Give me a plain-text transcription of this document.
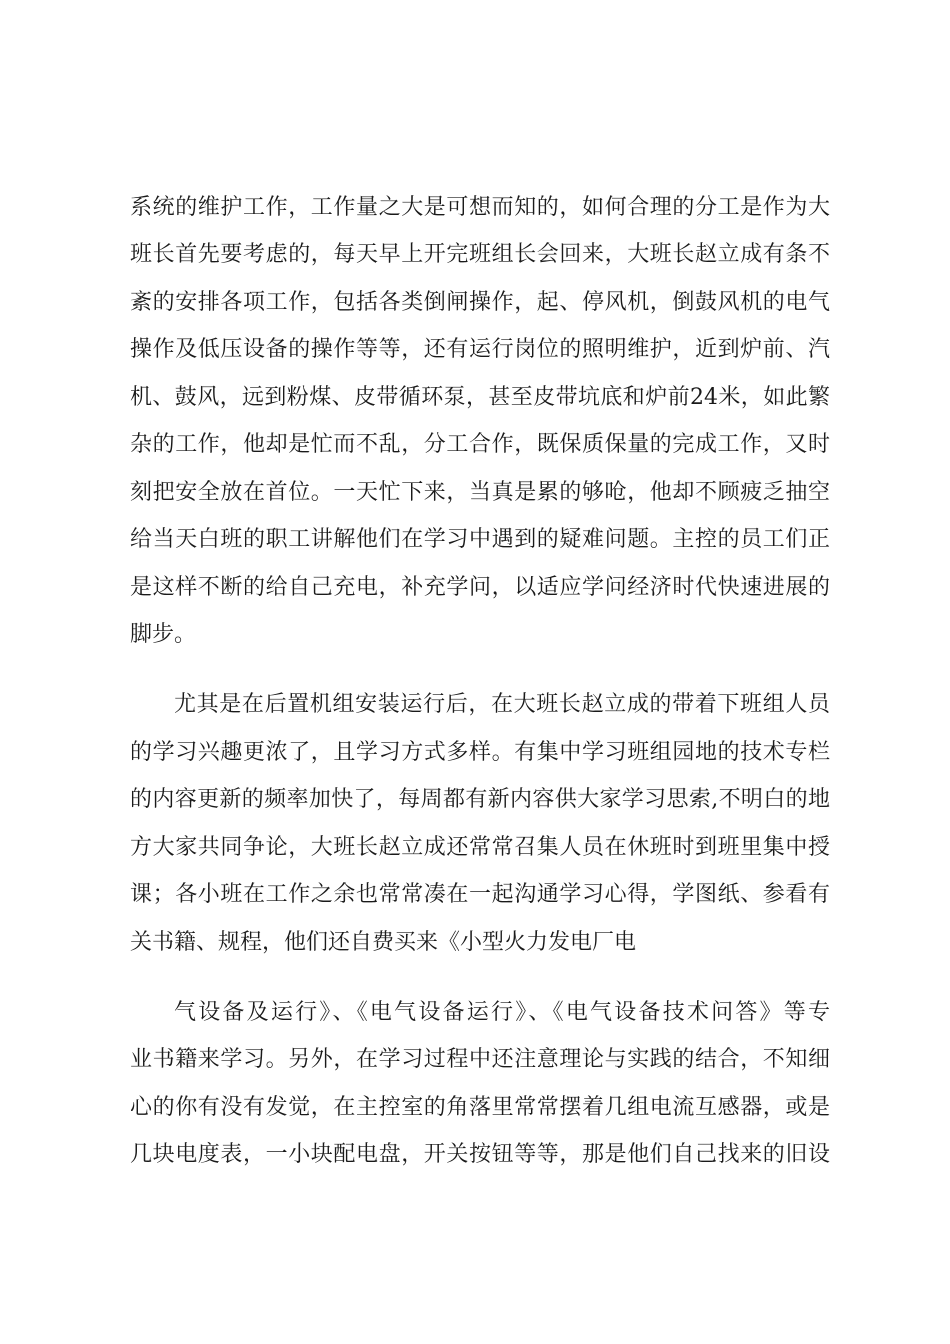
系统的维护工作，工作量之大是可想而知的，如何合理的分工是作为大
班长首先要考虑的，每天早上开完班组长会回来，大班长赵立成有条不
紊的安排各项工作，包括各类倒闸操作，起、停风机，倒鼓风机的电气
操作及低压设备的操作等等，还有运行岗位的照明维护，近到炉前、汽
机、鼓风，远到粉煤、皮带循环泵，甚至皮带坑底和炉前24米，如此繁
杂的工作，他却是忙而不乱，分工合作，既保质保量的完成工作，又时
刻把安全放在首位。一天忙下来，当真是累的够呛，他却不顾疲乏抽空
给当天白班的职工讲解他们在学习中遇到的疑难问题。主控的员工们正
是这样不断的给自己充电，补充学问，以适应学问经济时代快速进展的
脚步。
尤其是在后置机组安装运行后，在大班长赵立成的带着下班组人员
的学习兴趣更浓了，且学习方式多样。有集中学习班组园地的技术专栏
的内容更新的频率加快了，每周都有新内容供大家学习思索,不明白的地
方大家共同争论，大班长赵立成还常常召集人员在休班时到班里集中授
课；各小班在工作之余也常常凑在一起沟通学习心得，学图纸、参看有
关书籍、规程，他们还自费买来《小型火力发电厂电
气设备及运行》、《电气设备运行》、《电气设备技术问答》等专
业书籍来学习。另外，在学习过程中还注意理论与实践的结合，不知细
心的你有没有发觉，在主控室的角落里常常摆着几组电流互感器，或是
几块电度表，一小块配电盘，开关按钮等等，那是他们自己找来的旧设
